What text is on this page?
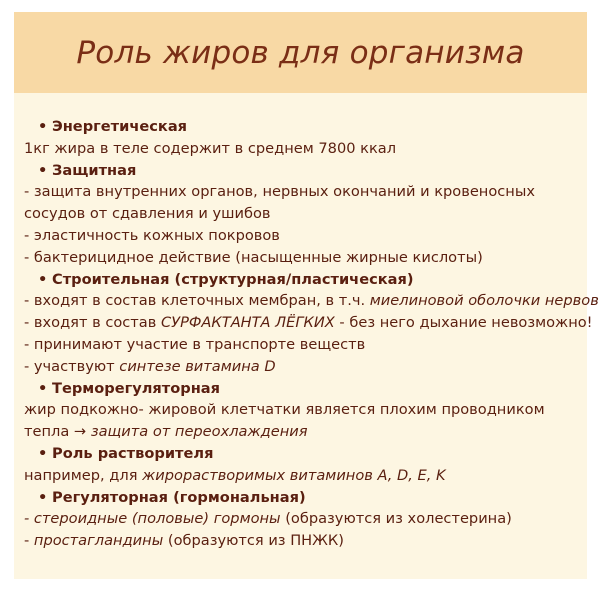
Роль жиров для организма
• Энергетическая
1кг жира в теле содержит в среднем 7800 ккал
• Защитная
- защита внутренних органов, нервных окончаний и кровеносных
сосудов от сдавления и ушибов
- эластичность кожных покровов
- бактерицидное действие (насыщенные жирные кислоты)
• Строительная (структурная/пластическая)
- входят в состав клеточных мембран, в т.ч. миелиновой оболочки нервов
- входят в состав СУРФАКТАНТА ЛЁГКИХ - без него дыхание невозможно!
- принимают участие в транспорте веществ
- участвуют синтезе витамина D
• Терморегуляторная
жир подкожно- жировой клетчатки является плохим проводником
тепла → защита от переохлаждения
• Роль растворителя
например, для жирорастворимых витаминов A, D, E, K
• Регуляторная (гормональная)
- стероидные (половые) гормоны (образуются из холестерина)
- простагландины (образуются из ПНЖК)
